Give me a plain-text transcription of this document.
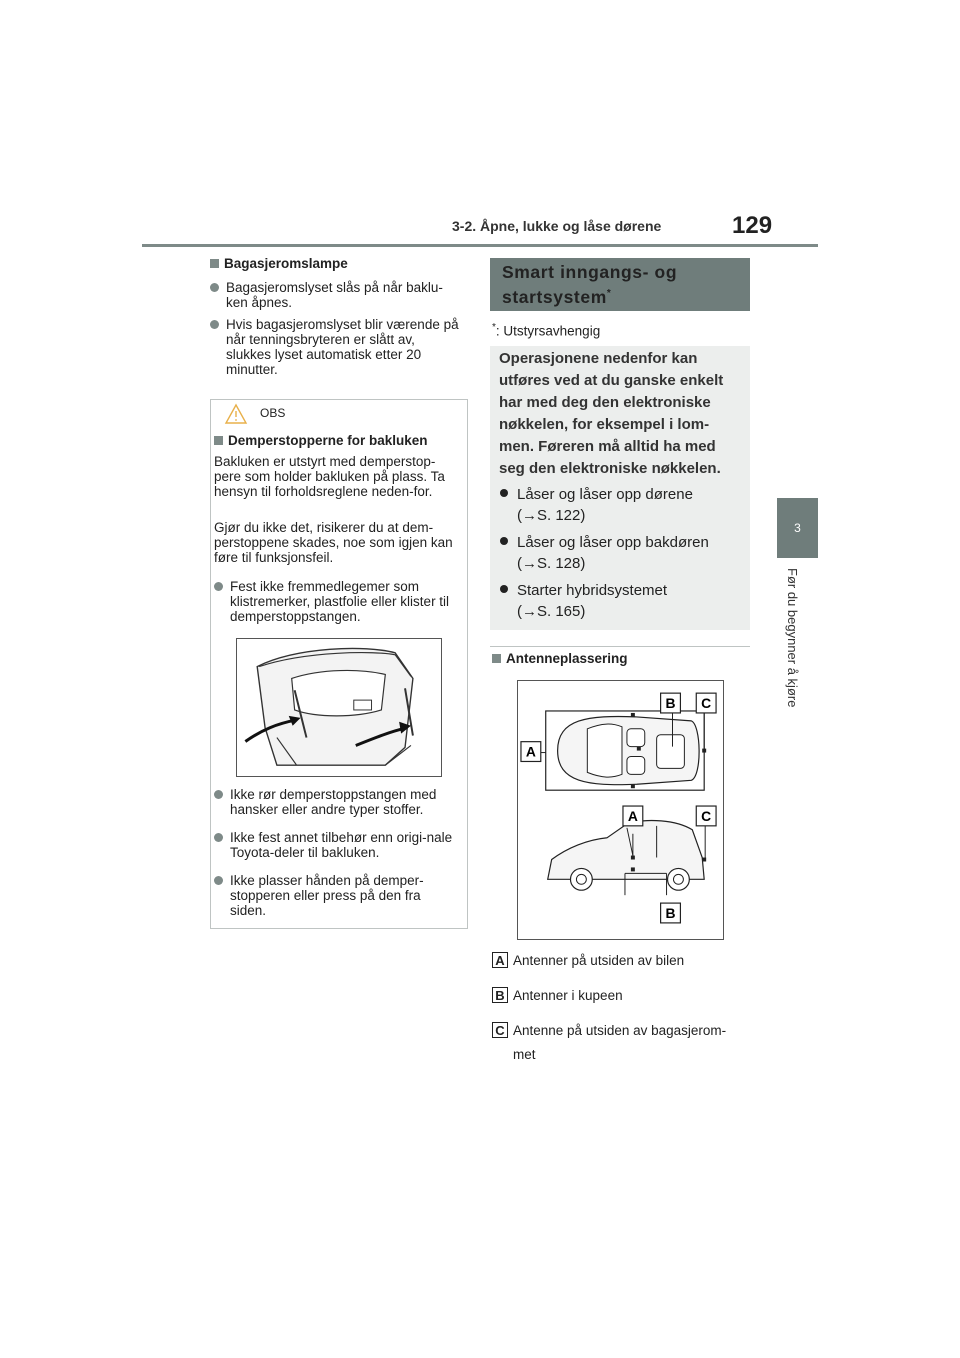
3-2. Åpne, lukke og låse dørene	129
3
Før du begynner å kjøre
Bagasjeromslampe
Bagasjeromslyset slås på når baklu-ken åpnes.
Hvis bagasjeromslyset blir værende på når tenningsbryteren er slått av, slukkes lyset automatisk etter 20 minutter.
OBS
Demperstopperne for bakluken
Bakluken er utstyrt med demperstop-pere som holder bakluken på plass. Ta hensyn til forholdsreglene neden-for.
Gjør du ikke det, risikerer du at dem-perstoppene skades, noe som igjen kan føre til funksjonsfeil.
Fest ikke fremmedlegemer som klistremerker, plastfolie eller klister til demperstoppstangen.
Ikke rør demperstoppstangen med hansker eller andre typer stoffer.
Ikke fest annet tilbehør enn origi-nale Toyota-deler til bakluken.
Ikke plasser hånden på demper-stopperen eller press på den fra siden.
Smart inngangs- og startsystem*
*: Utstyrsavhengig
Operasjonene nedenfor kan utføres ved at du ganske enkelt har med deg den elektroniske nøkkelen, for eksempel i lom-men. Føreren må alltid ha med seg den elektroniske nøkkelen.
Låser og låser opp dørene
(→S. 122)
Låser og låser opp bakdøren
(→S. 128)
Starter hybridsystemet
(→S. 165)
Antenneplassering
A
B C
A	C
B
A Antenner på utsiden av bilen
B Antenner i kupeen
C Antenne på utsiden av bagasjerom-
met
